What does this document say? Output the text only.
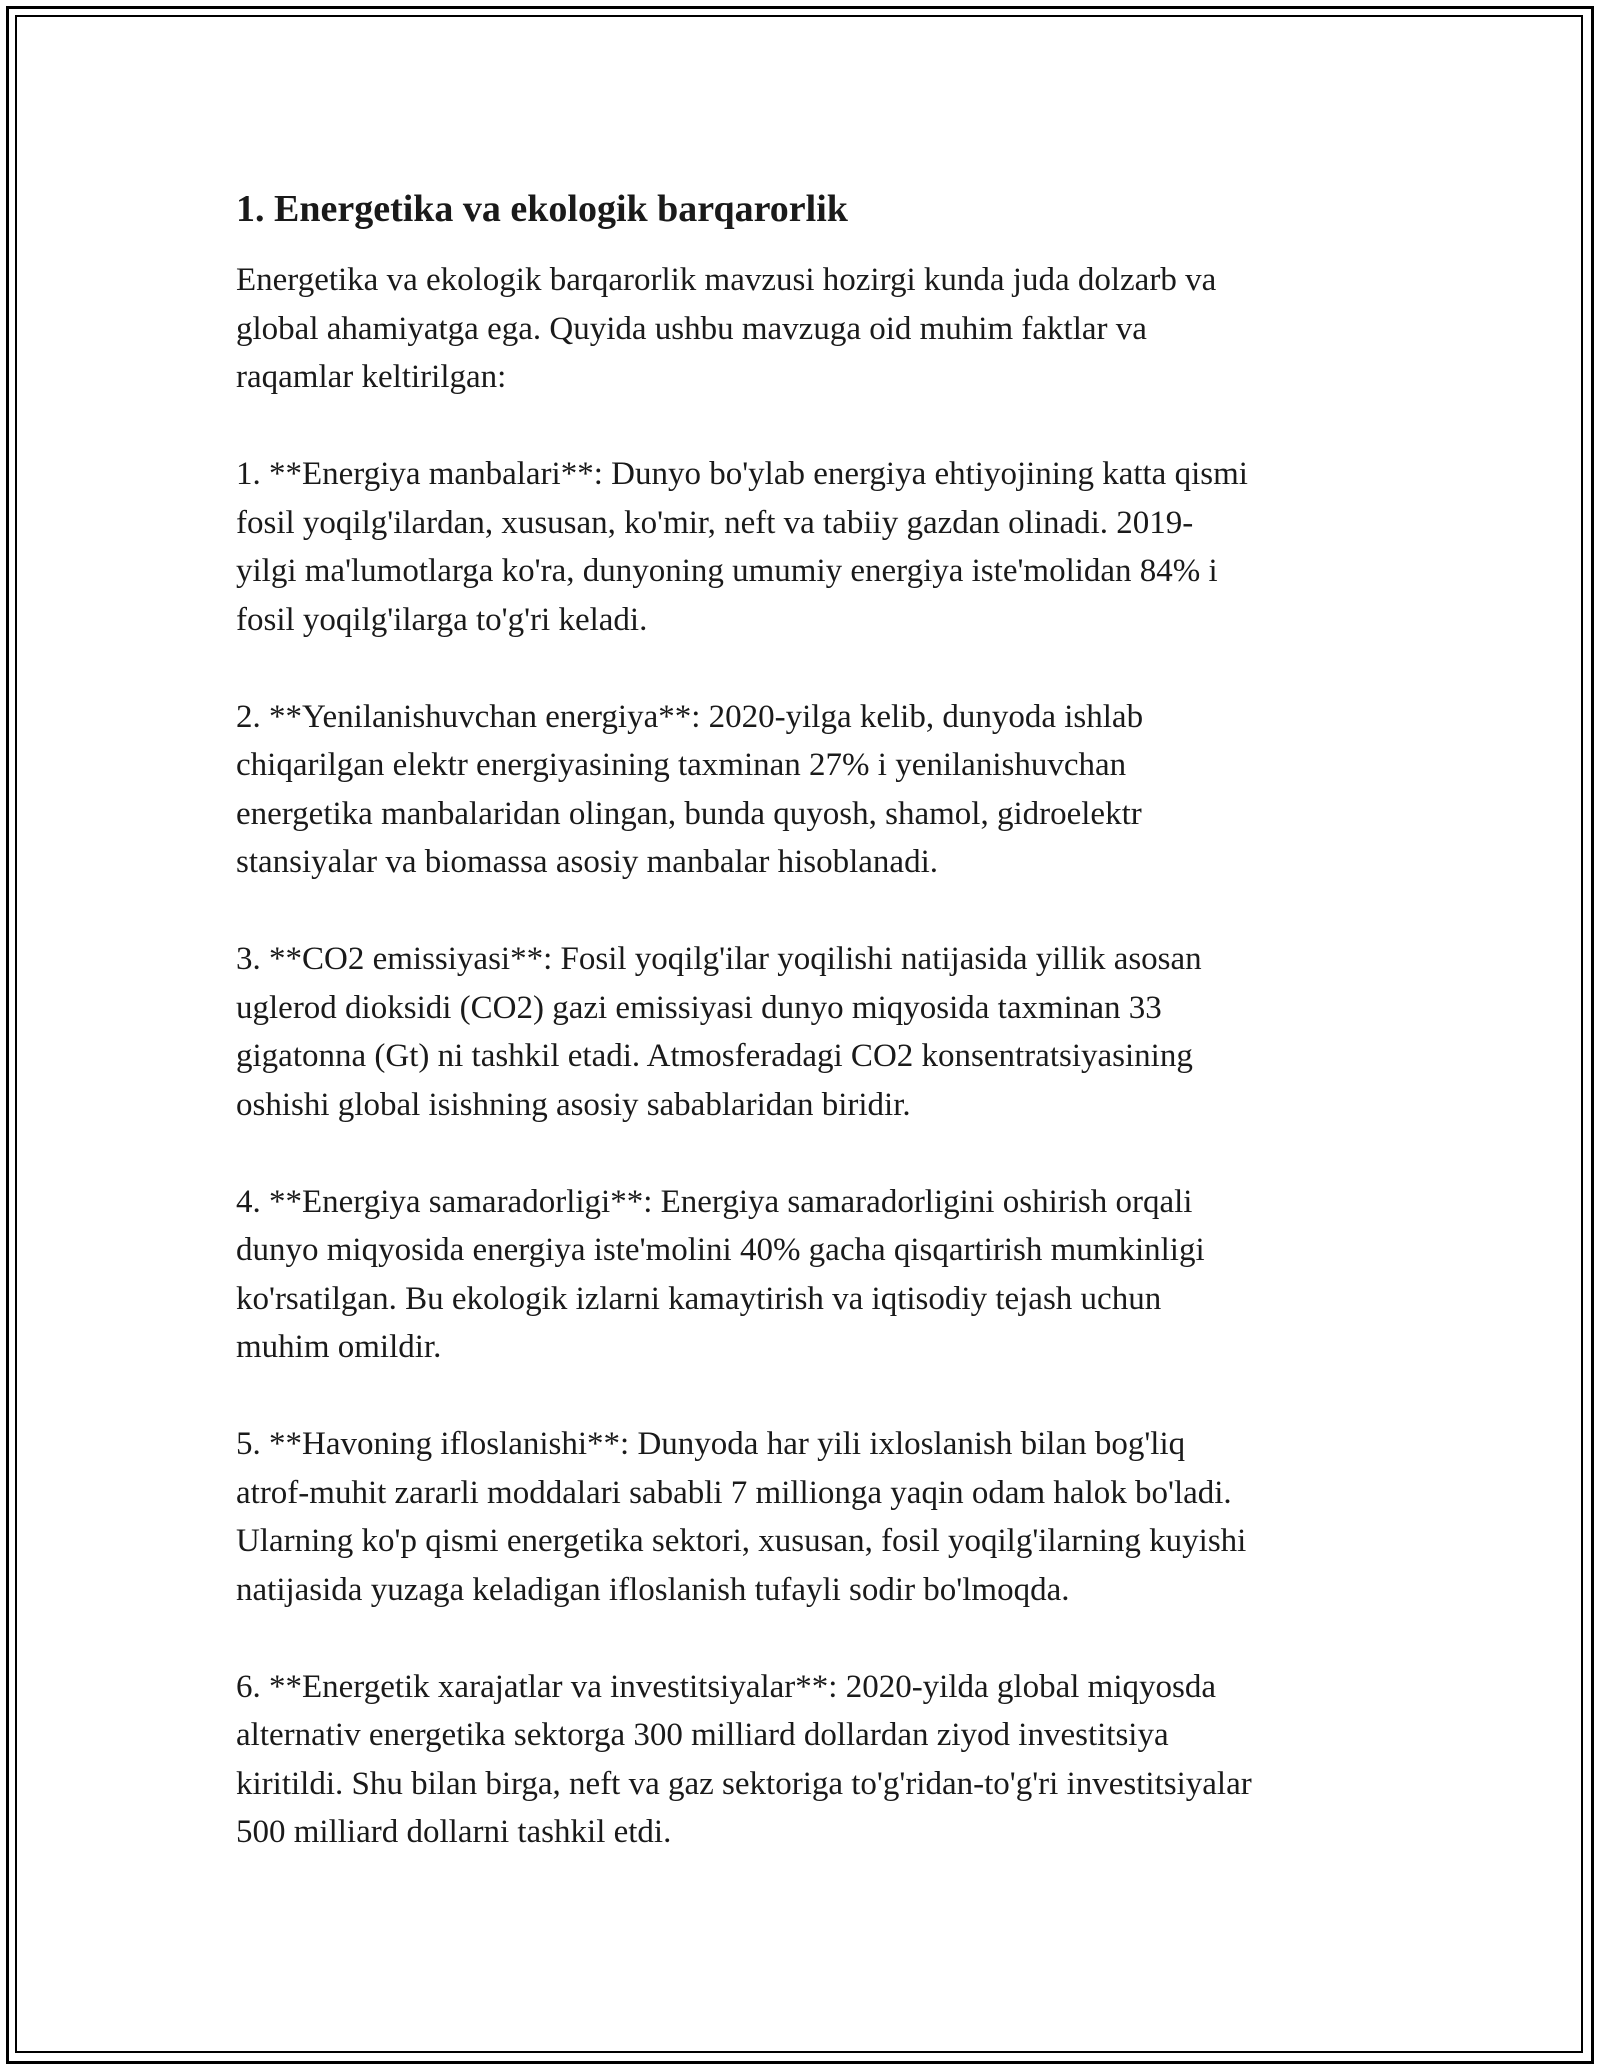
1. Energetika va ekologik barqarorlik

Energetika va ekologik barqarorlik mavzusi hozirgi kunda juda dolzarb va
global ahamiyatga ega. Quyida ushbu mavzuga oid muhim faktlar va
raqamlar keltirilgan:

1. **Energiya manbalari**: Dunyo bo'ylab energiya ehtiyojining katta qismi
fosil yoqilg'ilardan, xususan, ko'mir, neft va tabiiy gazdan olinadi. 2019-
yilgi ma'lumotlarga ko'ra, dunyoning umumiy energiya iste'molidan 84% i
fosil yoqilg'ilarga to'g'ri keladi.

2. **Yenilanishuvchan energiya**: 2020-yilga kelib, dunyoda ishlab
chiqarilgan elektr energiyasining taxminan 27% i yenilanishuvchan
energetika manbalaridan olingan, bunda quyosh, shamol, gidroelektr
stansiyalar va biomassa asosiy manbalar hisoblanadi.

3. **CO2 emissiyasi**: Fosil yoqilg'ilar yoqilishi natijasida yillik asosan
uglerod dioksidi (CO2) gazi emissiyasi dunyo miqyosida taxminan 33
gigatonna (Gt) ni tashkil etadi. Atmosferadagi CO2 konsentratsiyasining
oshishi global isishning asosiy sabablaridan biridir.

4. **Energiya samaradorligi**: Energiya samaradorligini oshirish orqali
dunyo miqyosida energiya iste'molini 40% gacha qisqartirish mumkinligi
ko'rsatilgan. Bu ekologik izlarni kamaytirish va iqtisodiy tejash uchun
muhim omildir.

5. **Havoning ifloslanishi**: Dunyoda har yili ixloslanish bilan bog'liq
atrof-muhit zararli moddalari sababli 7 millionga yaqin odam halok bo'ladi.
Ularning ko'p qismi energetika sektori, xususan, fosil yoqilg'ilarning kuyishi
natijasida yuzaga keladigan ifloslanish tufayli sodir bo'lmoqda.

6. **Energetik xarajatlar va investitsiyalar**: 2020-yilda global miqyosda
alternativ energetika sektorga 300 milliard dollardan ziyod investitsiya
kiritildi. Shu bilan birga, neft va gaz sektoriga to'g'ridan-to'g'ri investitsiyalar
500 milliard dollarni tashkil etdi.
